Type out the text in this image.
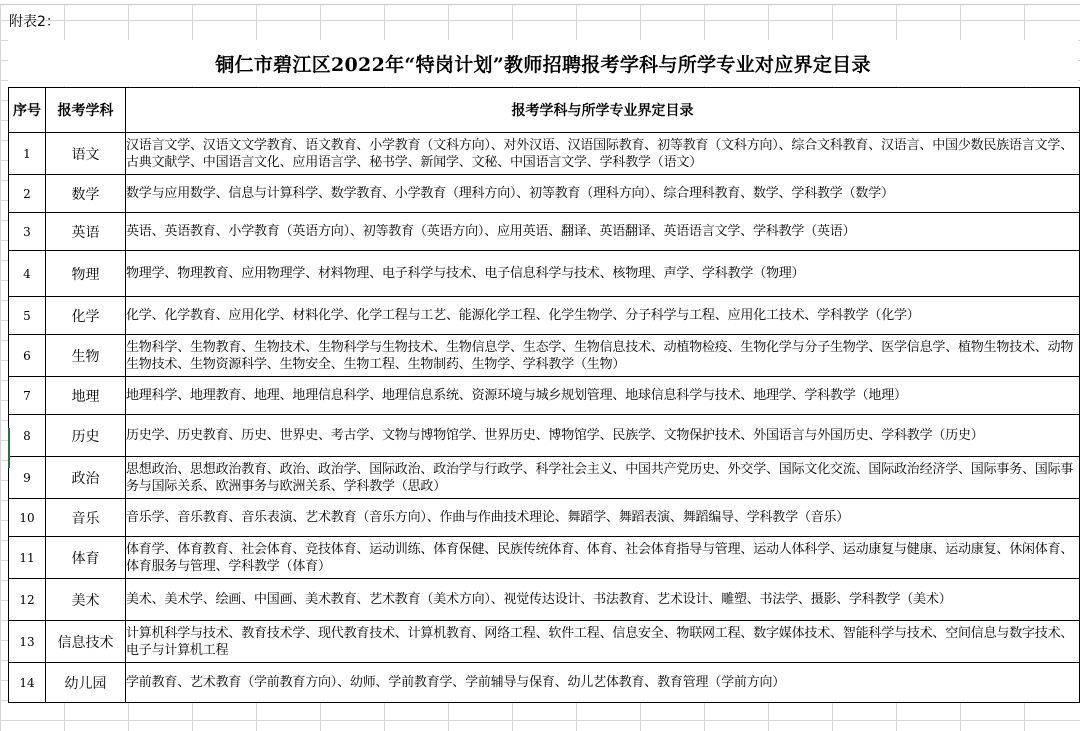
附表2：
铜仁市碧江区2022年“特岗计划”教师招聘报考学科与所学专业对应界定目录
序号	报考学科	报考学科与所学专业界定目录
1	语文	汉语言文学、汉语文文学教育、语文教育、小学教育（文科方向）、对外汉语、汉语国际教育、初等教育（文科方向）、综合文科教育、汉语言、中国少数民族语言文学、古典文献学、中国语言文化、应用语言学、秘书学、新闻学、文秘、中国语言文学、学科教学（语文）
2	数学	数学与应用数学、信息与计算科学、数学教育、小学教育（理科方向）、初等教育（理科方向）、综合理科教育、数学、学科教学（数学）
3	英语	英语、英语教育、小学教育（英语方向）、初等教育（英语方向）、应用英语、翻译、英语翻译、英语语言文学、学科教学（英语）
4	物理	物理学、物理教育、应用物理学、材料物理、电子科学与技术、电子信息科学与技术、核物理、声学、学科教学（物理）
5	化学	化学、化学教育、应用化学、材料化学、化学工程与工艺、能源化学工程、化学生物学、分子科学与工程、应用化工技术、学科教学（化学）
6	生物	生物科学、生物教育、生物技术、生物科学与生物技术、生物信息学、生态学、生物信息技术、动植物检疫、生物化学与分子生物学、医学信息学、植物生物技术、动物生物技术、生物资源科学、生物安全、生物工程、生物制药、生物学、学科教学（生物）
7	地理	地理科学、地理教育、地理、地理信息科学、地理信息系统、资源环境与城乡规划管理、地球信息科学与技术、地理学、学科教学（地理）
8	历史	历史学、历史教育、历史、世界史、考古学、文物与博物馆学、世界历史、博物馆学、民族学、文物保护技术、外国语言与外国历史、学科教学（历史）
9	政治	思想政治、思想政治教育、政治、政治学、国际政治、政治学与行政学、科学社会主义、中国共产党历史、外交学、国际文化交流、国际政治经济学、国际事务、国际事务与国际关系、欧洲事务与欧洲关系、学科教学（思政）
10	音乐	音乐学、音乐教育、音乐表演、艺术教育（音乐方向）、作曲与作曲技术理论、舞蹈学、舞蹈表演、舞蹈编导、学科教学（音乐）
11	体育	体育学、体育教育、社会体育、竞技体育、运动训练、体育保健、民族传统体育、体育、社会体育指导与管理、运动人体科学、运动康复与健康、运动康复、休闲体育、体育服务与管理、学科教学（体育）
12	美术	美术、美术学、绘画、中国画、美术教育、艺术教育（美术方向）、视觉传达设计、书法教育、艺术设计、雕塑、书法学、摄影、学科教学（美术）
13	信息技术	计算机科学与技术、教育技术学、现代教育技术、计算机教育、网络工程、软件工程、信息安全、物联网工程、数字媒体技术、智能科学与技术、空间信息与数字技术、电子与计算机工程
14	幼儿园	学前教育、艺术教育（学前教育方向）、幼师、学前教育学、学前辅导与保育、幼儿艺体教育、教育管理（学前方向）
